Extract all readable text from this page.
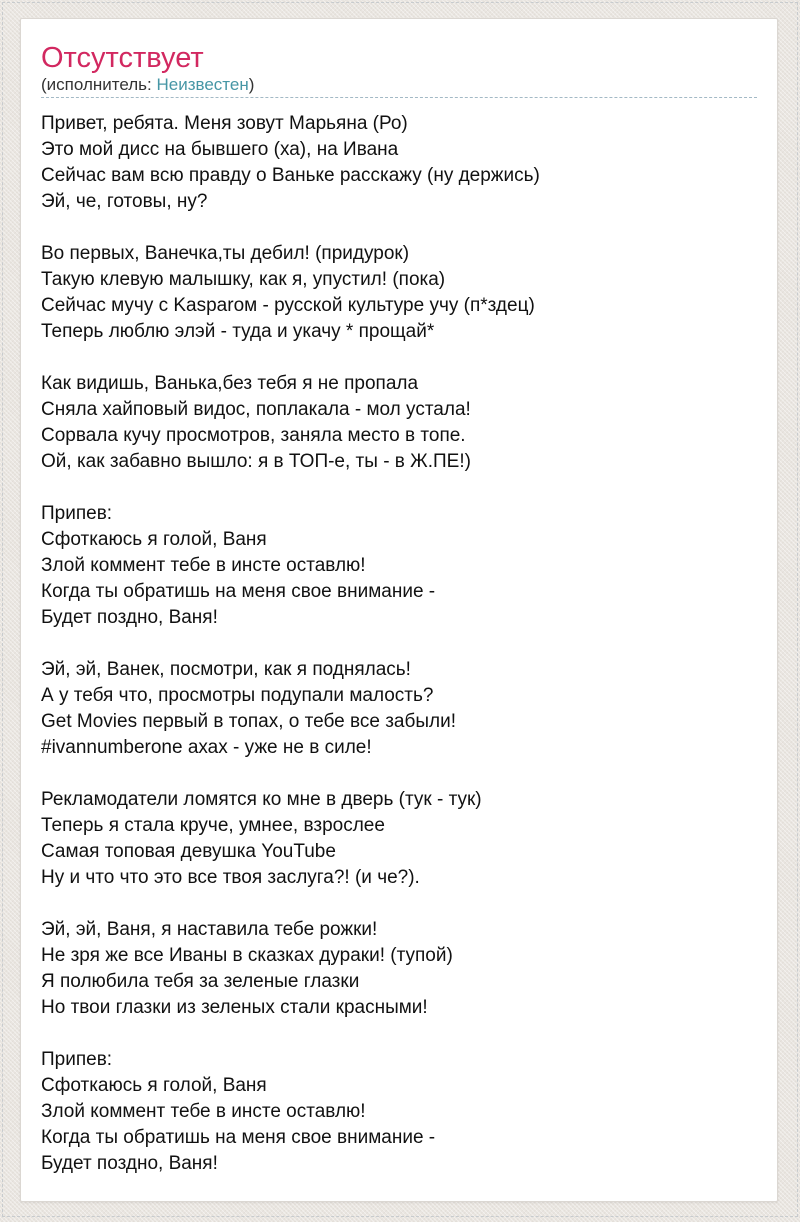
Отсутствует
(исполнитель: Неизвестен)
Привет, ребята. Меня зовут Марьяна (Ро)
Это мой дисс на бывшего (ха), на Ивана
Сейчас вам всю правду о Ваньке расскажу (ну держись)
Эй, че, готовы, ну?

Во первых, Ванечка,ты дебил! (придурок)
Такую клевую малышку, как я, упустил! (пока)
Сейчас мучу с Kasparом - русской культуре учу (п*здец)
Теперь люблю элэй - туда и укачу * прощай*

Как видишь, Ванька,без тебя я не пропала
Сняла хайповый видос, поплакала - мол устала!
Сорвала кучу просмотров, заняла место в топе.
Ой, как забавно вышло: я в ТОП-е, ты - в Ж.ПЕ!)

Припев:
Сфоткаюсь я голой, Ваня
Злой коммент тебе в инсте оставлю!
Когда ты обратишь на меня свое внимание -
Будет поздно, Ваня!

Эй, эй, Ванек, посмотри, как я поднялась!
А у тебя что, просмотры подупали малость?
Get Movies первый в топах, о тебе все забыли!
#ivannumberone ахах - уже не в силе!

Рекламодатели ломятся ко мне в дверь (тук - тук)
Теперь я стала круче, умнее, взрослее
Самая топовая девушка YouTube
Ну и что что это все твоя заслуга?! (и че?).

Эй, эй, Ваня, я наставила тебе рожки!
Не зря же все Иваны в сказках дураки! (тупой)
Я полюбила тебя за зеленые глазки
Но твои глазки из зеленых стали красными!

Припев:
Сфоткаюсь я голой, Ваня
Злой коммент тебе в инсте оставлю!
Когда ты обратишь на меня свое внимание -
Будет поздно, Ваня!
